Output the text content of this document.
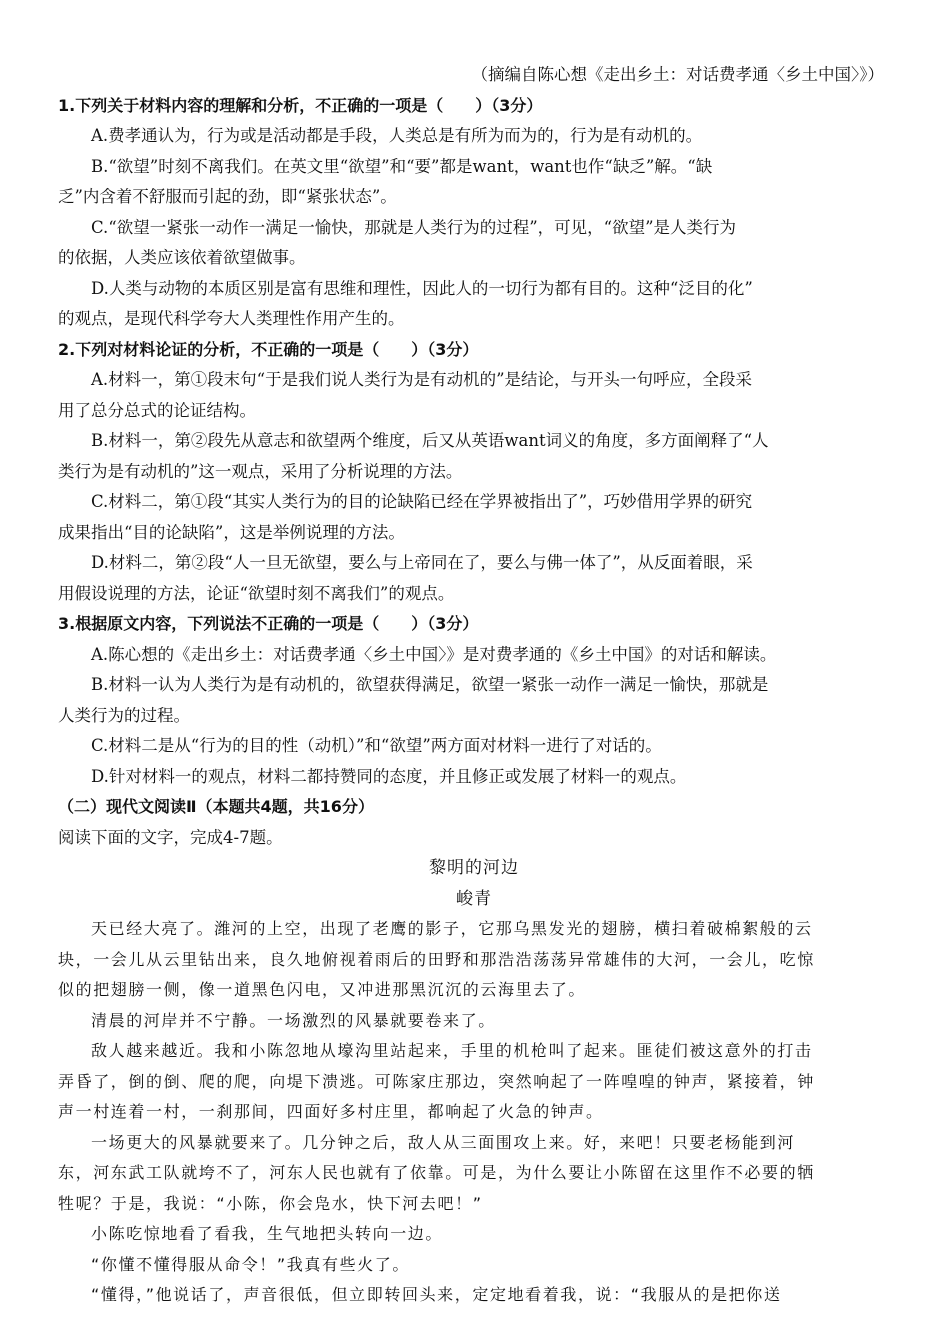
（摘编自陈心想《走出乡土：对话费孝通〈乡土中国〉》）
1.下列关于材料内容的理解和分析，不正确的一项是（　　）（3分）
A.费孝通认为，行为或是活动都是手段，人类总是有所为而为的，行为是有动机的。
B.“欲望”时刻不离我们。在英文里“欲望”和“要”都是want，want也作“缺乏”解。“缺
乏”内含着不舒服而引起的劲，即“紧张状态”。
C.“欲望一紧张一动作一满足一愉快，那就是人类行为的过程”，可见，“欲望”是人类行为
的依据，人类应该依着欲望做事。
D.人类与动物的本质区别是富有思维和理性，因此人的一切行为都有目的。这种“泛目的化”
的观点，是现代科学夸大人类理性作用产生的。
2.下列对材料论证的分析，不正确的一项是（　　）（3分）
A.材料一，第①段末句“于是我们说人类行为是有动机的”是结论，与开头一句呼应，全段采
用了总分总式的论证结构。
B.材料一，第②段先从意志和欲望两个维度，后又从英语want词义的角度，多方面阐释了“人
类行为是有动机的”这一观点，采用了分析说理的方法。
C.材料二，第①段“其实人类行为的目的论缺陷已经在学界被指出了”，巧妙借用学界的研究
成果指出“目的论缺陷”，这是举例说理的方法。
D.材料二，第②段“人一旦无欲望，要么与上帝同在了，要么与佛一体了”，从反面着眼，采
用假设说理的方法，论证“欲望时刻不离我们”的观点。
3.根据原文内容，下列说法不正确的一项是（　　）（3分）
A.陈心想的《走出乡土：对话费孝通〈乡土中国〉》是对费孝通的《乡土中国》的对话和解读。
B.材料一认为人类行为是有动机的，欲望获得满足，欲望一紧张一动作一满足一愉快，那就是
人类行为的过程。
C.材料二是从“行为的目的性（动机）”和“欲望”两方面对材料一进行了对话的。
D.针对材料一的观点，材料二都持赞同的态度，并且修正或发展了材料一的观点。
（二）现代文阅读Ⅱ（本题共4题，共16分）
阅读下面的文字，完成4-7题。
黎明的河边
峻青
天已经大亮了。潍河的上空，出现了老鹰的影子，它那乌黑发光的翅膀，横扫着破棉絮般的云
块，一会儿从云里钻出来，良久地俯视着雨后的田野和那浩浩荡荡异常雄伟的大河，一会儿，吃惊
似的把翅膀一侧，像一道黑色闪电，又冲进那黑沉沉的云海里去了。
清晨的河岸并不宁静。一场激烈的风暴就要卷来了。
敌人越来越近。我和小陈忽地从壕沟里站起来，手里的机枪叫了起来。匪徒们被这意外的打击
弄昏了，倒的倒、爬的爬，向堤下溃逃。可陈家庄那边，突然响起了一阵喤喤的钟声，紧接着，钟
声一村连着一村，一刹那间，四面好多村庄里，都响起了火急的钟声。
一场更大的风暴就要来了。几分钟之后，敌人从三面围攻上来。好，来吧！只要老杨能到河
东，河东武工队就垮不了，河东人民也就有了依靠。可是，为什么要让小陈留在这里作不必要的牺
牲呢？于是，我说：“小陈，你会凫水，快下河去吧！”
小陈吃惊地看了看我，生气地把头转向一边。
“你懂不懂得服从命令！”我真有些火了。
“懂得，”他说话了，声音很低，但立即转回头来，定定地看着我，说：“我服从的是把你送
